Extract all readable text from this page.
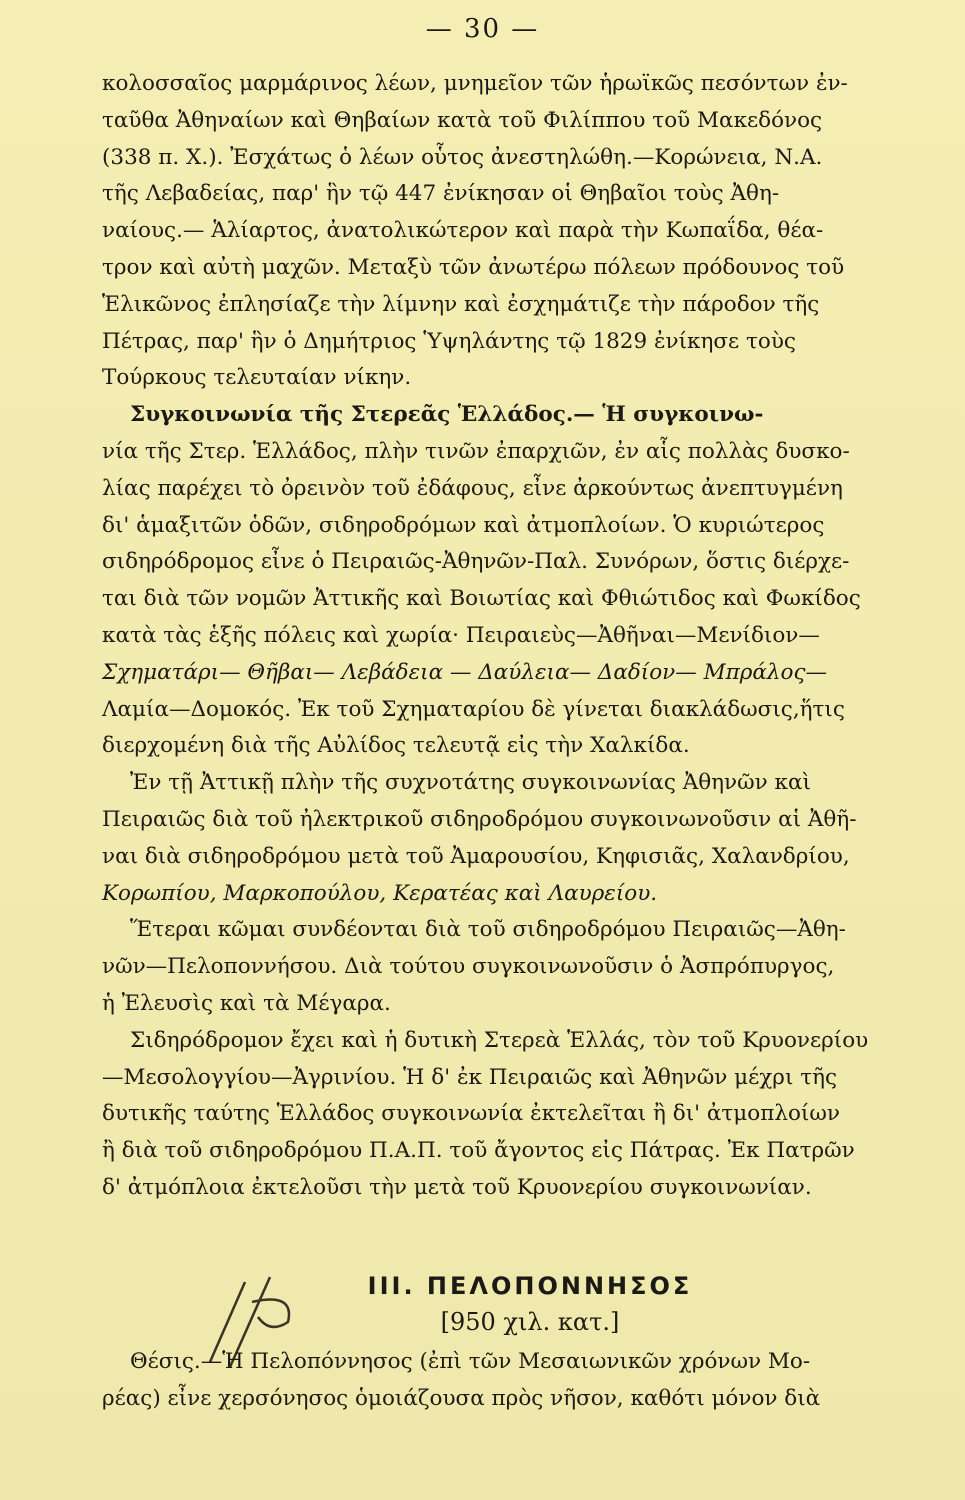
— 30 —
κολοσσαῖος μαρμάρινος λέων, μνημεῖον τῶν ἡρωϊκῶς πεσόντων ἐν-
ταῦθα Ἀθηναίων καὶ Θηβαίων κατὰ τοῦ Φιλίππου τοῦ Μακεδόνος
(338 π. Χ.). Ἐσχάτως ὁ λέων οὗτος ἀνεστηλώθη.—Κορώνεια, Ν.Α.
τῆς Λεβαδείας, παρ' ἣν τῷ 447 ἐνίκησαν οἱ Θηβαῖοι τοὺς Ἀθη-
ναίους.— Ἁλίαρτος, ἀνατολικώτερον καὶ παρὰ τὴν Κωπαΐδα, θέα-
τρον καὶ αὐτὴ μαχῶν. Μεταξὺ τῶν ἀνωτέρω πόλεων πρόδουνος τοῦ
Ἑλικῶνος ἐπλησίαζε τὴν λίμνην καὶ ἐσχημάτιζε τὴν πάροδον τῆς
Πέτρας, παρ' ἣν ὁ Δημήτριος Ὑψηλάντης τῷ 1829 ἐνίκησε τοὺς
Τούρκους τελευταίαν νίκην.
Συγκοινωνία τῆς Στερεᾶς Ἑλλάδος.— Ἡ συγκοινω-
νία τῆς Στερ. Ἑλλάδος, πλὴν τινῶν ἐπαρχιῶν, ἐν αἷς πολλὰς δυσκο-
λίας παρέχει τὸ ὀρεινὸν τοῦ ἐδάφους, εἶνε ἀρκούντως ἀνεπτυγμένη
δι' ἁμαξιτῶν ὁδῶν, σιδηροδρόμων καὶ ἀτμοπλοίων. Ὁ κυριώτερος
σιδηρόδρομος εἶνε ὁ Πειραιῶς-Ἀθηνῶν-Παλ. Συνόρων, ὅστις διέρχε-
ται διὰ τῶν νομῶν Ἀττικῆς καὶ Βοιωτίας καὶ Φθιώτιδος καὶ Φωκίδος
κατὰ τὰς ἑξῆς πόλεις καὶ χωρία· Πειραιεὺς—Ἀθῆναι—Μενίδιον—
Σχηματάρι— Θῆβαι— Λεβάδεια — Δαύλεια— Δαδίον— Μπράλος—
Λαμία—Δομοκός. Ἐκ τοῦ Σχηματαρίου δὲ γίνεται διακλάδωσις,ἥτις
διερχομένη διὰ τῆς Αὐλίδος τελευτᾷ εἰς τὴν Χαλκίδα.
Ἐν τῇ Ἀττικῇ πλὴν τῆς συχνοτάτης συγκοινωνίας Ἀθηνῶν καὶ
Πειραιῶς διὰ τοῦ ἠλεκτρικοῦ σιδηροδρόμου συγκοινωνοῦσιν αἱ Ἀθῆ-
ναι διὰ σιδηροδρόμου μετὰ τοῦ Ἀμαρουσίου, Κηφισιᾶς, Χαλανδρίου,
Κορωπίου, Μαρκοπούλου, Κερατέας καὶ Λαυρείου.
Ἕτεραι κῶμαι συνδέονται διὰ τοῦ σιδηροδρόμου Πειραιῶς—Ἀθη-
νῶν—Πελοποννήσου. Διὰ τούτου συγκοινωνοῦσιν ὁ Ἀσπρόπυργος,
ἡ Ἐλευσὶς καὶ τὰ Μέγαρα.
Σιδηρόδρομον ἔχει καὶ ἡ δυτικὴ Στερεὰ Ἑλλάς, τὸν τοῦ Κρυονερίου
—Μεσολογγίου—Ἀγρινίου. Ἡ δ' ἐκ Πειραιῶς καὶ Ἀθηνῶν μέχρι τῆς
δυτικῆς ταύτης Ἑλλάδος συγκοινωνία ἐκτελεῖται ἢ δι' ἀτμοπλοίων
ἢ διὰ τοῦ σιδηροδρόμου Π.Α.Π. τοῦ ἄγοντος εἰς Πάτρας. Ἐκ Πατρῶν
δ' ἀτμόπλοια ἐκτελοῦσι τὴν μετὰ τοῦ Κρυονερίου συγκοινωνίαν.
ΙΙΙ. ΠΕΛΟΠΟΝΝΗΣΟΣ
[950 χιλ. κατ.]
Θέσις.—Ἡ Πελοπόννησος (ἐπὶ τῶν Μεσαιωνικῶν χρόνων Μο-
ρέας) εἶνε χερσόνησος ὁμοιάζουσα πρὸς νῆσον, καθότι μόνον διὰ
